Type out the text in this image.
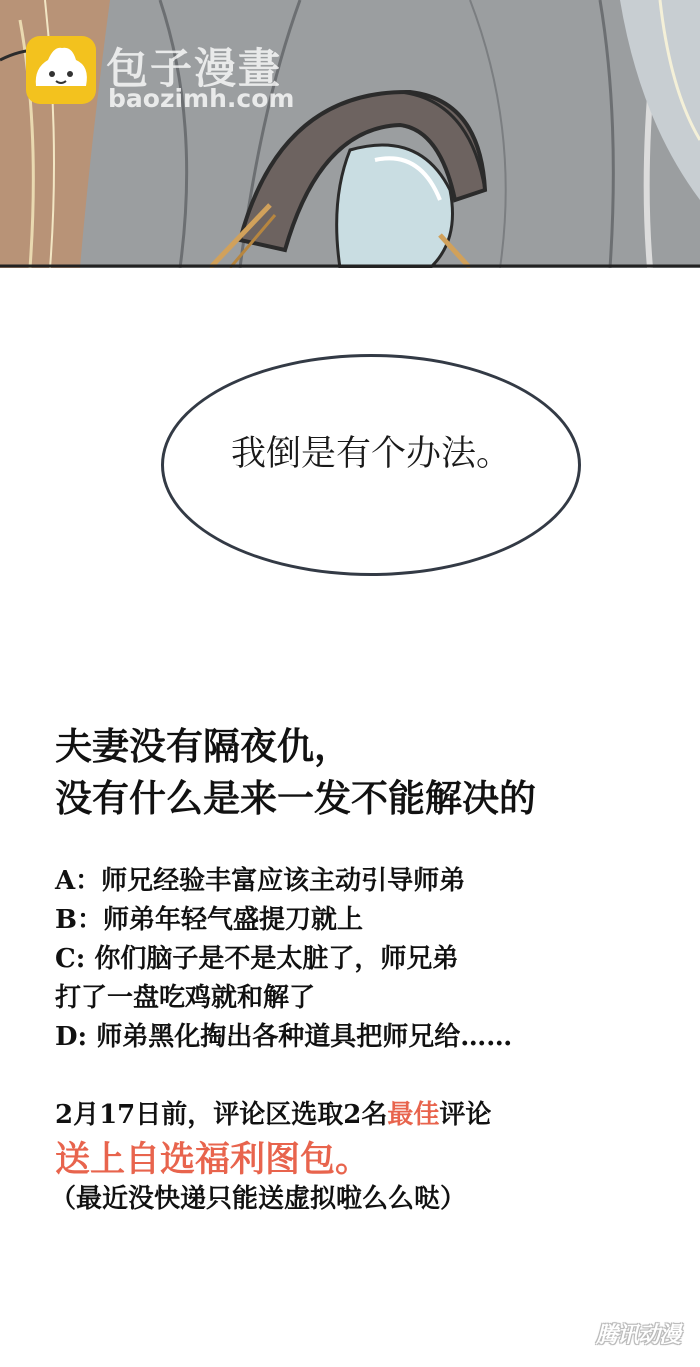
包子漫畫
baozimh.com
我倒是有个办法。
夫妻没有隔夜仇，
没有什么是来一发不能解决的
A：师兄经验丰富应该主动引导师弟
B：师弟年轻气盛提刀就上
C: 你们脑子是不是太脏了，师兄弟
打了一盘吃鸡就和解了
D: 师弟黑化掏出各种道具把师兄给……
2月17日前，评论区选取2名最佳评论
送上自选福利图包。
（最近没快递只能送虚拟啦么么哒）
腾讯动漫
